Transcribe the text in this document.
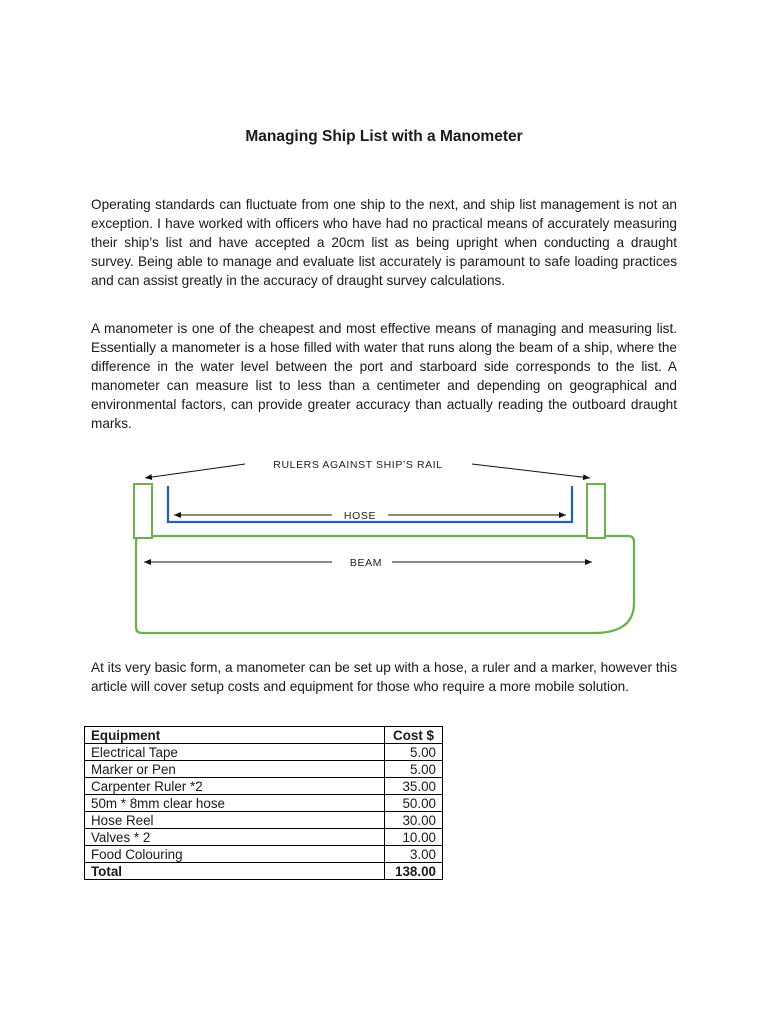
Managing Ship List with a Manometer

Operating standards can fluctuate from one ship to the next, and ship list management is not an exception. I have worked with officers who have had no practical means of accurately measuring their ship’s list and have accepted a 20cm list as being upright when conducting a draught survey. Being able to manage and evaluate list accurately is paramount to safe loading practices and can assist greatly in the accuracy of draught survey calculations.

A manometer is one of the cheapest and most effective means of managing and measuring list. Essentially a manometer is a hose filled with water that runs along the beam of a ship, where the difference in the water level between the port and starboard side corresponds to the list. A manometer can measure list to less than a centimeter and depending on geographical and environmental factors, can provide greater accuracy than actually reading the outboard draught marks.

RULERS AGAINST SHIP’S RAIL
HOSE
BEAM

At its very basic form, a manometer can be set up with a hose, a ruler and a marker, however this article will cover setup costs and equipment for those who require a more mobile solution.

Equipment	Cost $
Electrical Tape	5.00
Marker or Pen	5.00
Carpenter Ruler *2	35.00
50m * 8mm clear hose	50.00
Hose Reel	30.00
Valves * 2	10.00
Food Colouring	3.00
Total	138.00
